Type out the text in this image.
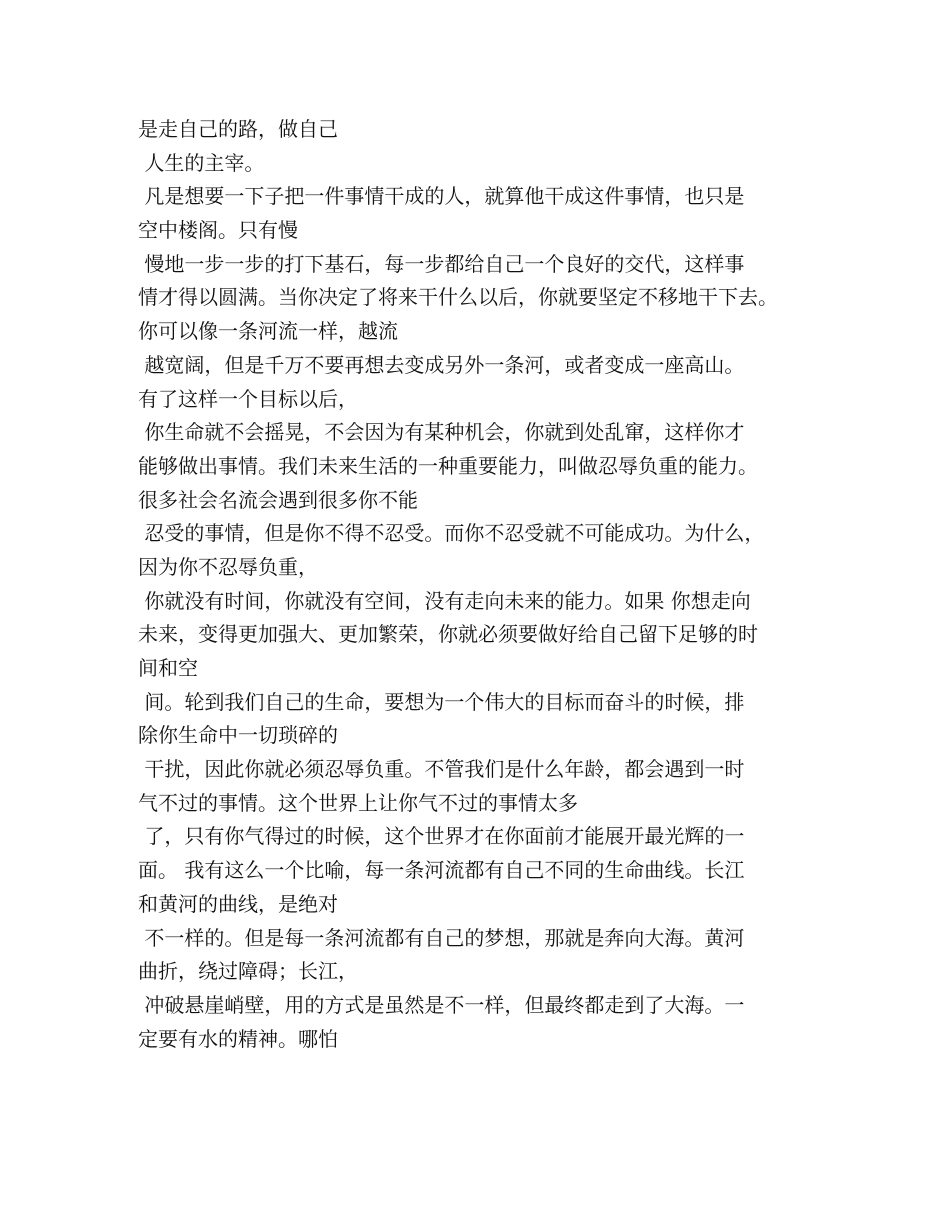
是走自己的路，做自己
人生的主宰。
凡是想要一下子把一件事情干成的人，就算他干成这件事情，也只是
空中楼阁。只有慢
慢地一步一步的打下基石，每一步都给自己一个良好的交代，这样事
情才得以圆满。当你决定了将来干什么以后，你就要坚定不移地干下去。
你可以像一条河流一样，越流
越宽阔，但是千万不要再想去变成另外一条河，或者变成一座高山。
有了这样一个目标以后，
你生命就不会摇晃，不会因为有某种机会，你就到处乱窜，这样你才
能够做出事情。我们未来生活的一种重要能力，叫做忍辱负重的能力。
很多社会名流会遇到很多你不能
忍受的事情，但是你不得不忍受。而你不忍受就不可能成功。为什么，
因为你不忍辱负重，
你就没有时间，你就没有空间，没有走向未来的能力。如果 你想走向
未来，变得更加强大、更加繁荣，你就必须要做好给自己留下足够的时
间和空
间。轮到我们自己的生命，要想为一个伟大的目标而奋斗的时候，排
除你生命中一切琐碎的
干扰，因此你就必须忍辱负重。不管我们是什么年龄，都会遇到一时
气不过的事情。这个世界上让你气不过的事情太多
了，只有你气得过的时候，这个世界才在你面前才能展开最光辉的一
面。 我有这么一个比喻，每一条河流都有自己不同的生命曲线。长江
和黄河的曲线，是绝对
不一样的。但是每一条河流都有自己的梦想，那就是奔向大海。黄河
曲折，绕过障碍；长江，
冲破悬崖峭壁，用的方式是虽然是不一样，但最终都走到了大海。一
定要有水的精神。哪怕
